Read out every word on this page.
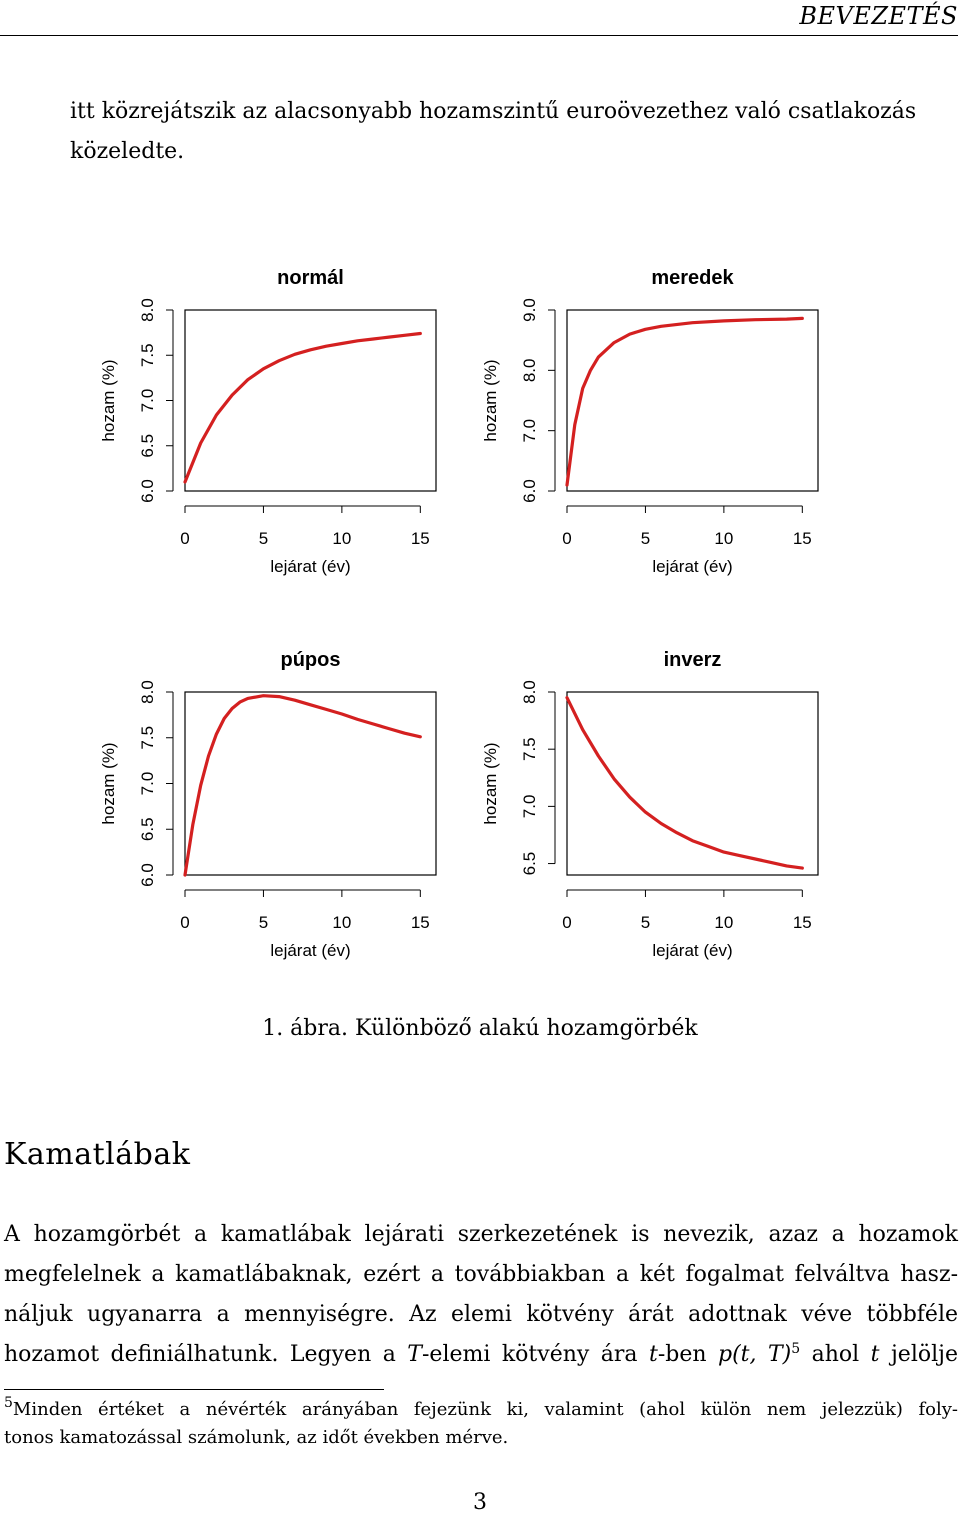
BEVEZETÉS
itt közrejátszik az alacsonyabb hozamszintű euroövezethez való csatlakozás
közeledte.
normál
0	5	10	15
lejárat (év)
6.0
6.5
7.0
7.5
8.0
hozam (%)
meredek
0	5	10	15
lejárat (év)
6.0
7.0
8.0
9.0
hozam (%)
púpos
0	5	10	15
lejárat (év)
6.0
6.5
7.0
7.5
8.0
hozam (%)
inverz
0	5	10	15
lejárat (év)
6.5
7.0
7.5
8.0
hozam (%)
1. ábra. Különböző alakú hozamgörbék
Kamatlábak
A hozamgörbét a kamatlábak lejárati szerkezetének is nevezik, azaz a hozamok
megfelelnek a kamatlábaknak, ezért a továbbiakban a két fogalmat felváltva hasz-
náljuk ugyanarra a mennyiségre. Az elemi kötvény árát adottnak véve többféle
hozamot definiálhatunk. Legyen a T-elemi kötvény ára t-ben p(t, T)$^5$ ahol t jelölje
$^5$Minden értéket a névérték arányában fejezünk ki, valamint (ahol külön nem jelezzük) foly-
tonos kamatozással számolunk, az időt években mérve.
3
